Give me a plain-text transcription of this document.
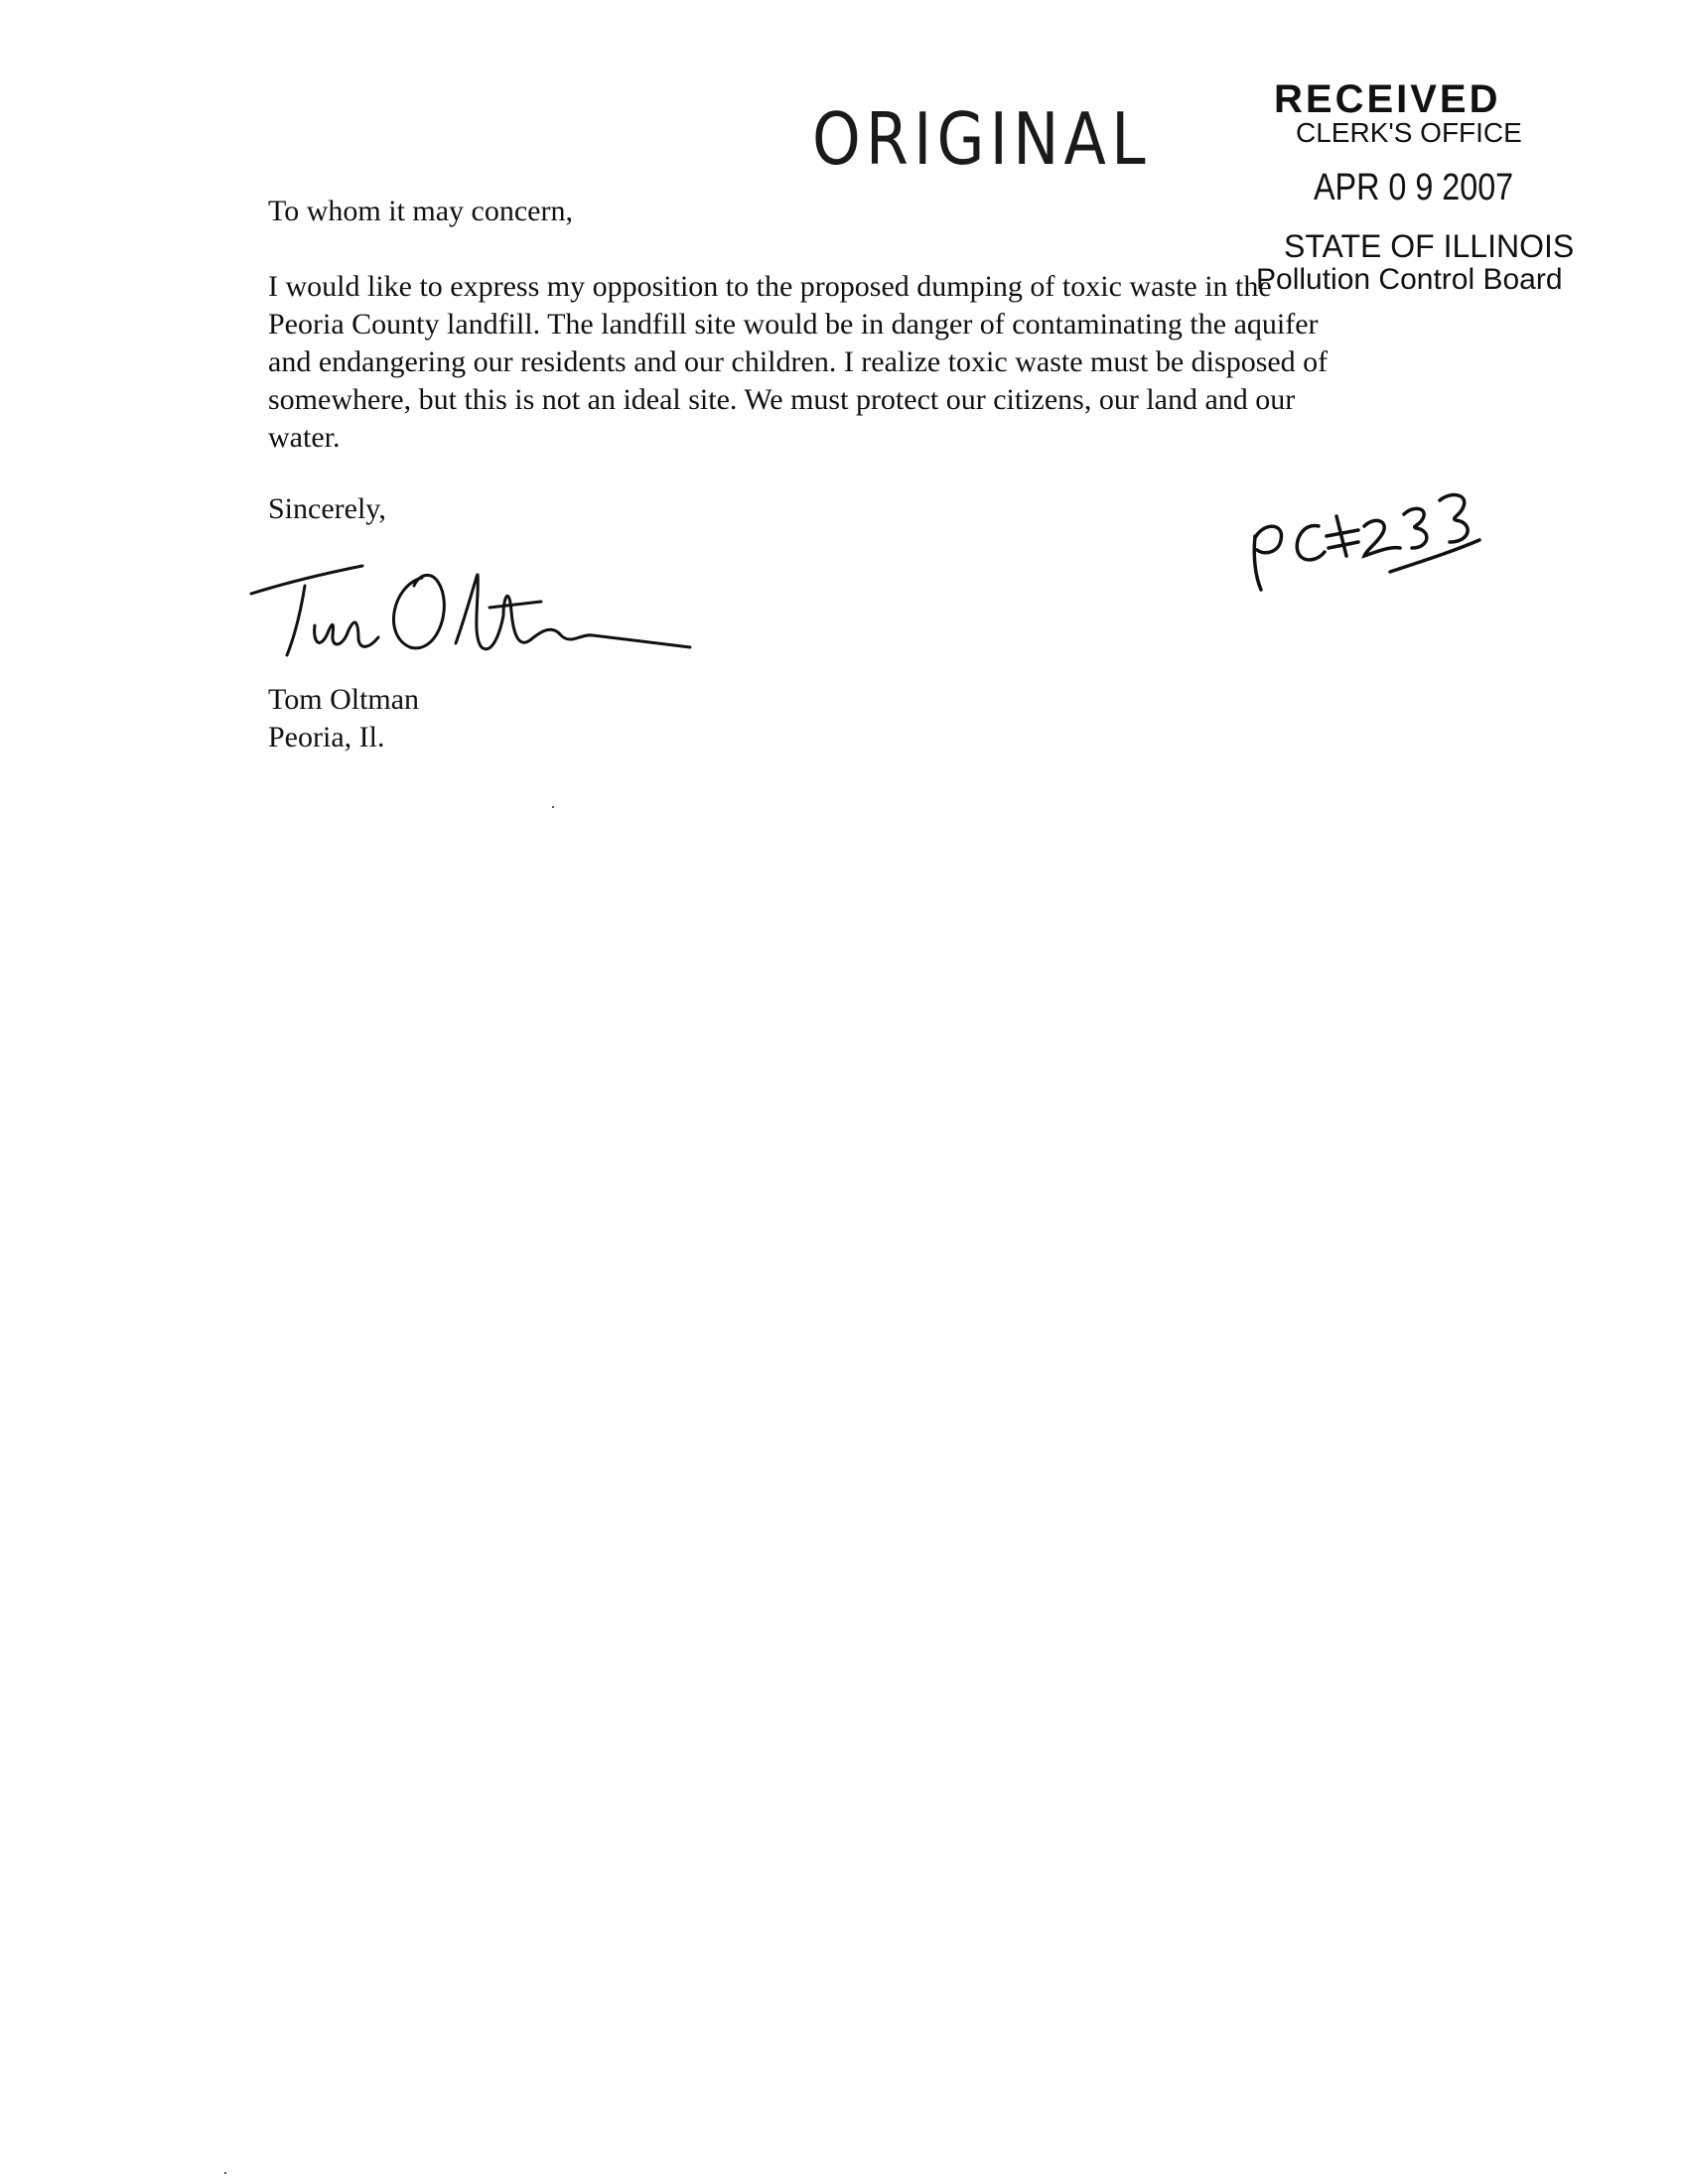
ORIGINAL	RECEIVED
CLERK'S OFFICE
APR 0 9 2007
STATE OF ILLINOIS
Pollution Control Board
To whom it may concern,
I would like to express my opposition to the proposed dumping of toxic waste in the
Peoria County landfill. The landfill site would be in danger of contaminating the aquifer
and endangering our residents and our children. I realize toxic waste must be disposed of
somewhere, but this is not an ideal site. We must protect our citizens, our land and our
water.
Sincerely,
Tom Oltman
Peoria, Il.
